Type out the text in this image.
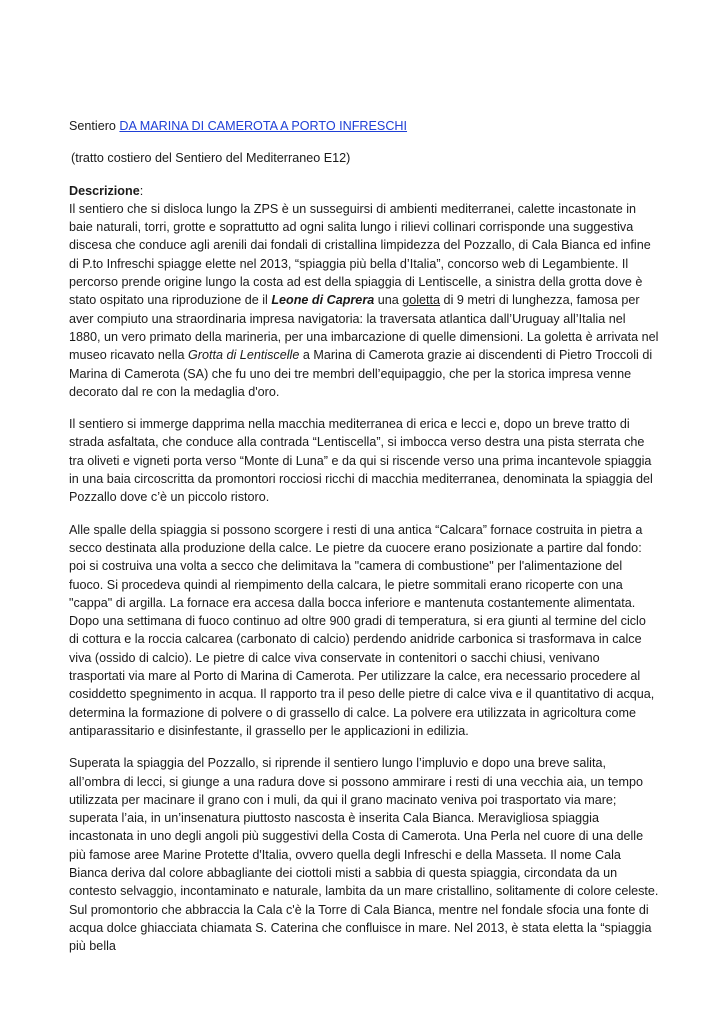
Sentiero DA MARINA DI CAMEROTA A PORTO INFRESCHI

(tratto costiero del Sentiero del Mediterraneo E12)

Descrizione:

Il sentiero che si disloca lungo la ZPS è un susseguirsi di ambienti mediterranei, calette incastonate in baie naturali, torri, grotte e soprattutto ad ogni salita lungo i rilievi collinari corrisponde una suggestiva discesa che conduce agli arenili dai fondali di cristallina limpidezza del Pozzallo, di Cala Bianca ed infine di P.to Infreschi spiagge elette nel 2013, “spiaggia più bella d’Italia”, concorso web di Legambiente. Il percorso prende origine lungo la costa ad est della spiaggia di Lentiscelle, a sinistra della grotta dove è stato ospitato una riproduzione de il Leone di Caprera una goletta di 9 metri di lunghezza, famosa per aver compiuto una straordinaria impresa navigatoria: la traversata atlantica dall’Uruguay all’Italia nel 1880, un vero primato della marineria, per una imbarcazione di quelle dimensioni. La goletta è arrivata nel museo ricavato nella Grotta di Lentiscelle a Marina di Camerota grazie ai discendenti di Pietro Troccoli di Marina di Camerota (SA) che fu uno dei tre membri dell’equipaggio, che per la storica impresa venne decorato dal re con la medaglia d'oro.

Il sentiero si immerge dapprima nella macchia mediterranea di erica e lecci e, dopo un breve tratto di strada asfaltata, che conduce alla contrada “Lentiscella”, si imbocca verso destra una pista sterrata che tra oliveti e vigneti porta verso “Monte di Luna” e da qui si riscende verso una prima incantevole spiaggia in una baia circoscritta da promontori rocciosi ricchi di macchia mediterranea, denominata la spiaggia del Pozzallo dove c’è un piccolo ristoro.

Alle spalle della spiaggia si possono scorgere i resti di una antica “Calcara” fornace costruita in pietra a secco destinata alla produzione della calce. Le pietre da cuocere erano posizionate a partire dal fondo: poi si costruiva una volta a secco che delimitava la "camera di combustione" per l'alimentazione del fuoco. Si procedeva quindi al riempimento della calcara, le pietre sommitali erano ricoperte con una "cappa" di argilla. La fornace era accesa dalla bocca inferiore e mantenuta costantemente alimentata. Dopo una settimana di fuoco continuo ad oltre 900 gradi di temperatura, si era giunti al termine del ciclo di cottura e la roccia calcarea (carbonato di calcio) perdendo anidride carbonica si trasformava in calce viva (ossido di calcio). Le pietre di calce viva conservate in contenitori o sacchi chiusi, venivano trasportati via mare al Porto di Marina di Camerota. Per utilizzare la calce, era necessario procedere al cosiddetto spegnimento in acqua. Il rapporto tra il peso delle pietre di calce viva e il quantitativo di acqua, determina la formazione di polvere o di grassello di calce. La polvere era utilizzata in agricoltura come antiparassitario e disinfestante, il grassello per le applicazioni in edilizia.

Superata la spiaggia del Pozzallo, si riprende il sentiero lungo l’impluvio e dopo una breve salita, all’ombra di lecci, si giunge a una radura dove si possono ammirare i resti di una vecchia aia, un tempo utilizzata per macinare il grano con i muli, da qui il grano macinato veniva poi trasportato via mare; superata l’aia, in un’insenatura piuttosto nascosta è inserita Cala Bianca. Meravigliosa spiaggia incastonata in uno degli angoli più suggestivi della Costa di Camerota. Una Perla nel cuore di una delle più famose aree Marine Protette d'Italia, ovvero quella degli Infreschi e della Masseta. Il nome Cala Bianca deriva dal colore abbagliante dei ciottoli misti a sabbia di questa spiaggia, circondata da un contesto selvaggio, incontaminato e naturale, lambita da un mare cristallino, solitamente di colore celeste. Sul promontorio che abbraccia la Cala c'è la Torre di Cala Bianca, mentre nel fondale sfocia una fonte di acqua dolce ghiacciata chiamata S. Caterina che confluisce in mare. Nel 2013, è stata eletta la “spiaggia più bella
